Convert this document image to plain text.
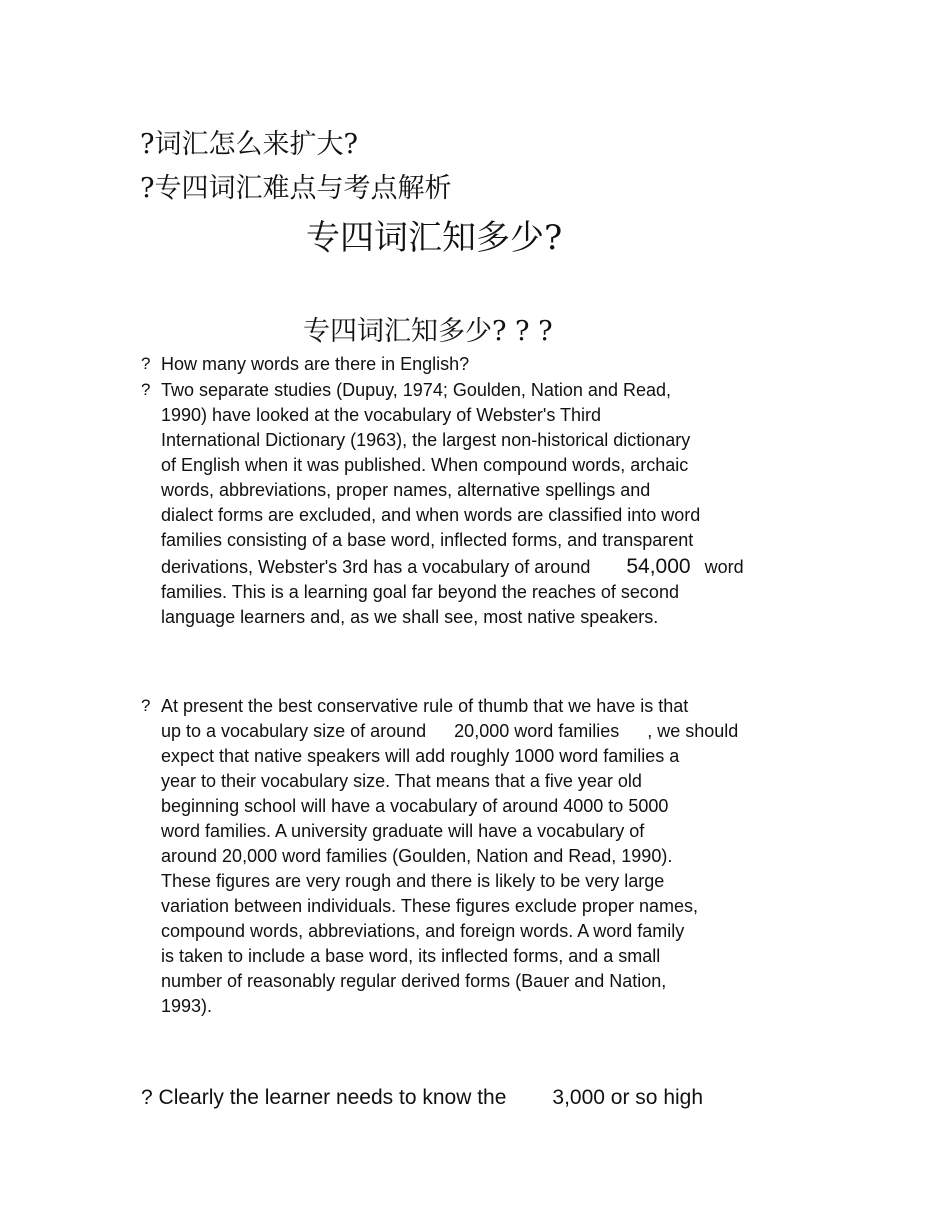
?词汇怎么来扩大?
?专四词汇难点与考点解析
专四词汇知多少?
专四词汇知多少? ? ?
? How many words are there in English?
? Two separate studies (Dupuy, 1974; Goulden, Nation and Read,
1990) have looked at the vocabulary of Webster's Third
International Dictionary (1963), the largest non-historical dictionary
of English when it was published. When compound words, archaic
words, abbreviations, proper names, alternative spellings and
dialect forms are excluded, and when words are classified into word
families consisting of a base word, inflected forms, and transparent
derivations, Webster's 3rd has a vocabulary of around 54,000 word
families. This is a learning goal far beyond the reaches of second
language learners and, as we shall see, most native speakers.
? At present the best conservative rule of thumb that we have is that
up to a vocabulary size of around 20,000 word families , we should
expect that native speakers will add roughly 1000 word families a
year to their vocabulary size. That means that a five year old
beginning school will have a vocabulary of around 4000 to 5000
word families. A university graduate will have a vocabulary of
around 20,000 word families (Goulden, Nation and Read, 1990).
These figures are very rough and there is likely to be very large
variation between individuals. These figures exclude proper names,
compound words, abbreviations, and foreign words. A word family
is taken to include a base word, its inflected forms, and a small
number of reasonably regular derived forms (Bauer and Nation,
1993).
? Clearly the learner needs to know the 3,000 or so high
